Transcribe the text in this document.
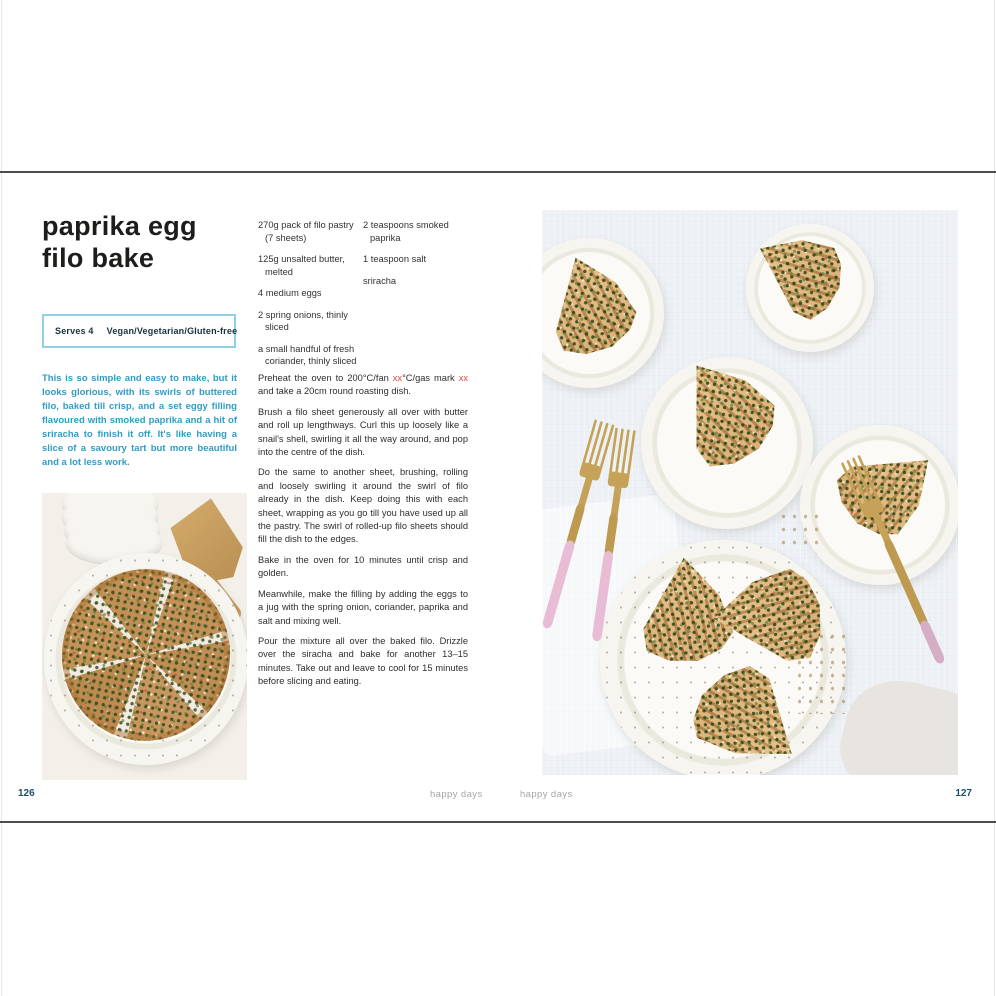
paprika egg
filo bake
Serves 4 Vegan/Vegetarian/Gluten-free
This is so simple and easy to make, but it looks glorious, with its swirls of buttered filo, baked till crisp, and a set eggy filling flavoured with smoked paprika and a hit of sriracha to finish it off. It's like having a slice of a savoury tart but more beautiful and a lot less work.
270g pack of filo pastry (7 sheets)
125g unsalted butter, melted
4 medium eggs
2 spring onions, thinly sliced
a small handful of fresh coriander, thinly sliced
2 teaspoons smoked paprika
1 teaspoon salt
sriracha

Preheat the oven to 200°C/fan xx°C/gas mark xx and take a 20cm round roasting dish.

Brush a filo sheet generously all over with butter and roll up lengthways. Curl this up loosely like a snail's shell, swirling it all the way around, and pop into the centre of the dish.

Do the same to another sheet, brushing, rolling and loosely swirling it around the swirl of filo already in the dish. Keep doing this with each sheet, wrapping as you go till you have used up all the pastry. The swirl of rolled-up filo sheets should fill the dish to the edges.

Bake in the oven for 10 minutes until crisp and golden.

Meanwhile, make the filling by adding the eggs to a jug with the spring onion, coriander, paprika and salt and mixing well.

Pour the mixture all over the baked filo. Drizzle over the siracha and bake for another 13–15 minutes. Take out and leave to cool for 15 minutes before slicing and eating.

126	happy days	happy days	127
